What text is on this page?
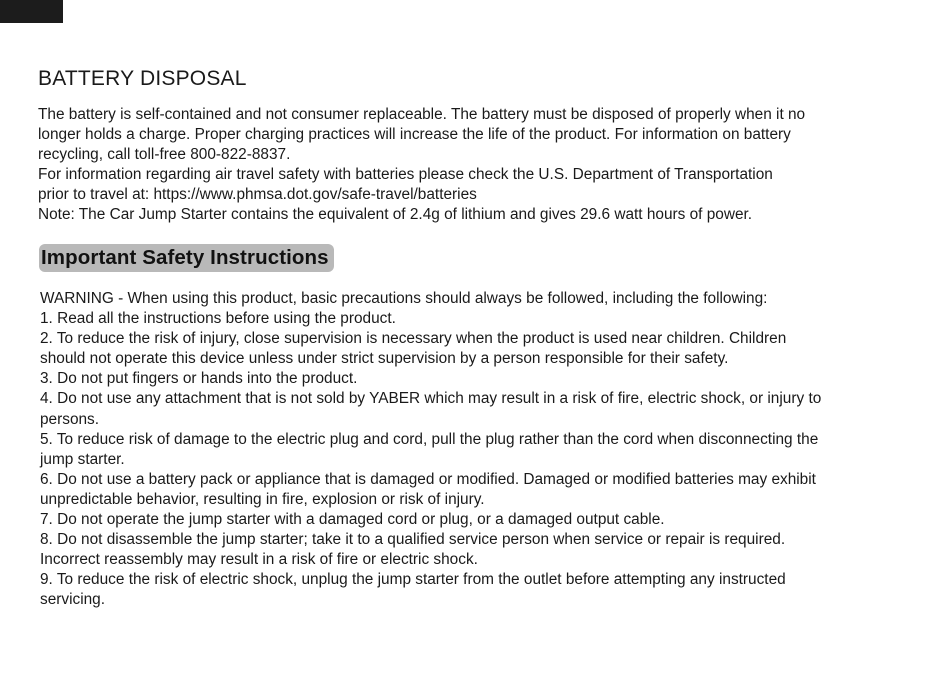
BATTERY DISPOSAL

The battery is self-contained and not consumer replaceable. The battery must be disposed of properly when it no

longer holds a charge. Proper charging practices will increase the life of the product. For information on battery

recycling, call toll-free 800-822-8837.

For information regarding air travel safety with batteries please check the U.S. Department of Transportation

prior to travel at: https://www.phmsa.dot.gov/safe-travel/batteries

Note: The Car Jump Starter contains the equivalent of 2.4g of lithium and gives 29.6 watt hours of power.

Important Safety Instructions

WARNING - When using this product, basic precautions should always be followed, including the following:

1. Read all the instructions before using the product.

2. To reduce the risk of injury, close supervision is necessary when the product is used near children. Children

should not operate this device unless under strict supervision by a person responsible for their safety.

3. Do not put fingers or hands into the product.

4. Do not use any attachment that is not sold by YABER which may result in a risk of fire, electric shock, or injury to

persons.

5. To reduce risk of damage to the electric plug and cord, pull the plug rather than the cord when disconnecting the

jump starter.

6. Do not use a battery pack or appliance that is damaged or modified. Damaged or modified batteries may exhibit

unpredictable behavior, resulting in fire, explosion or risk of injury.

7. Do not operate the jump starter with a damaged cord or plug, or a damaged output cable.

8. Do not disassemble the jump starter; take it to a qualified service person when service or repair is required.

Incorrect reassembly may result in a risk of fire or electric shock.

9. To reduce the risk of electric shock, unplug the jump starter from the outlet before attempting any instructed

servicing.
